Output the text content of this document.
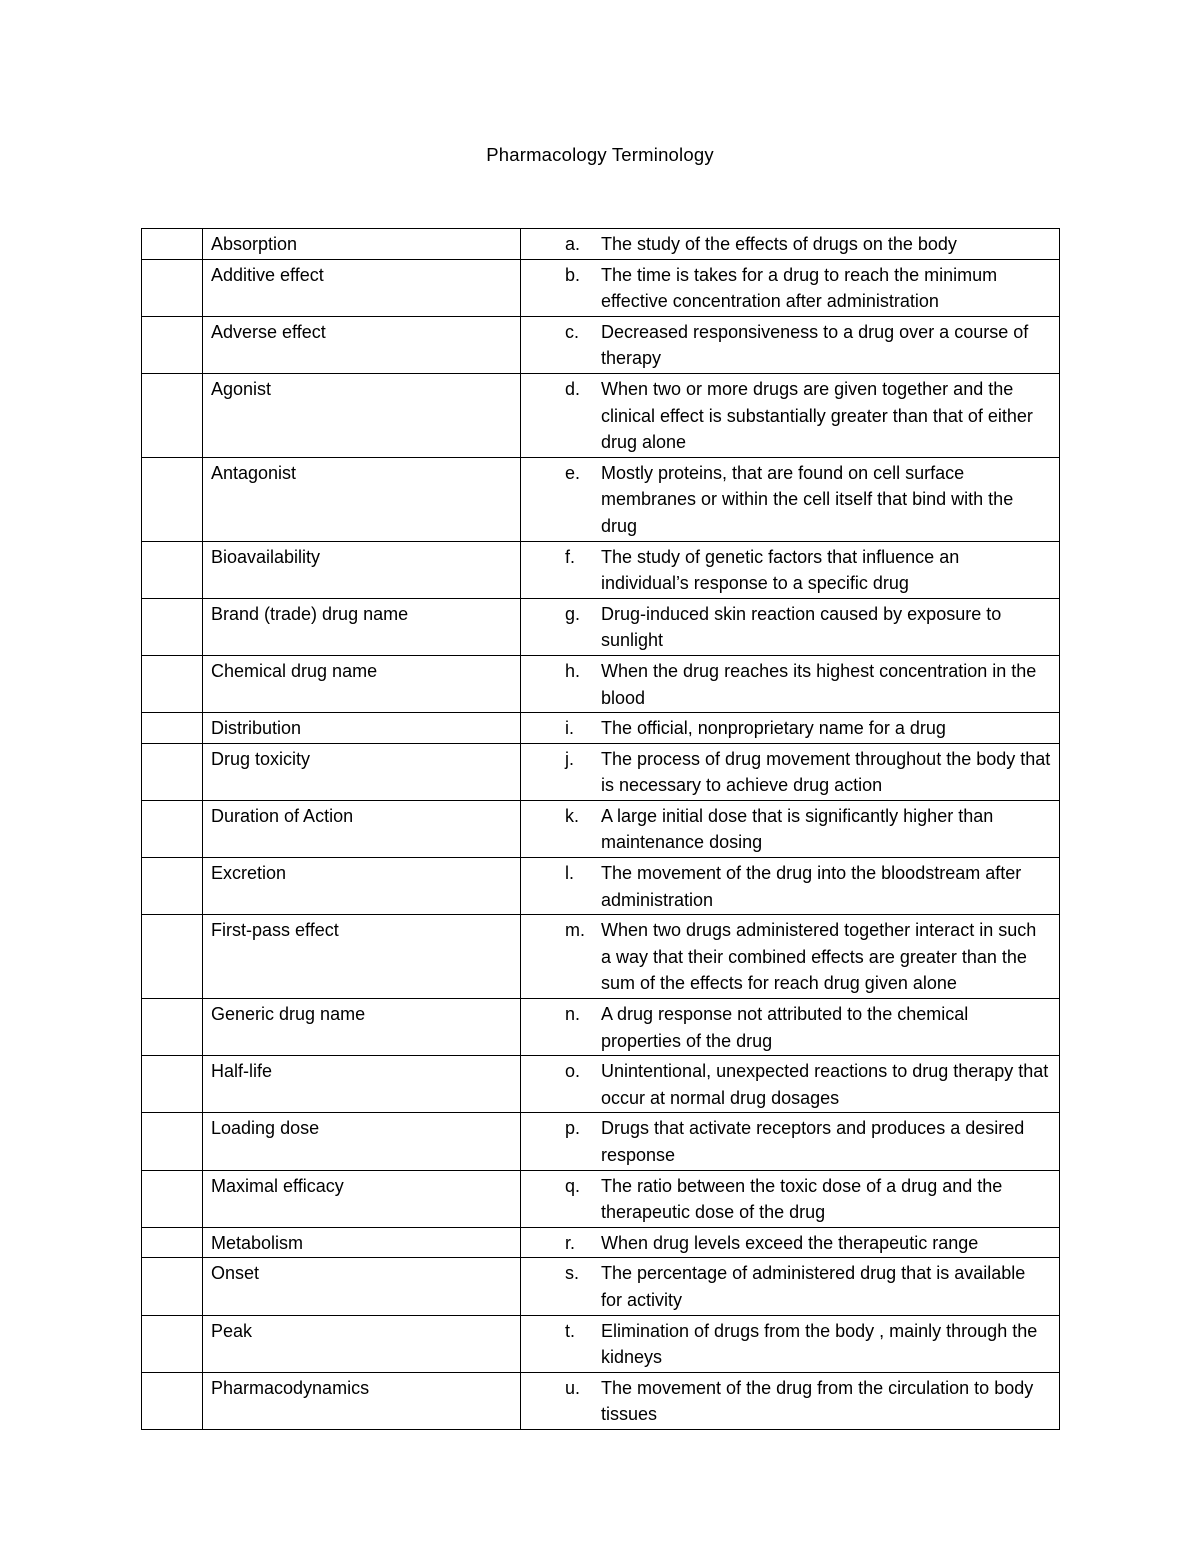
Pharmacology Terminology
	Absorption	a. The study of the effects of drugs on the body
	Additive effect	b. The time is takes for a drug to reach the minimum effective concentration after administration
	Adverse effect	c. Decreased responsiveness to a drug over a course of therapy
	Agonist	d. When two or more drugs are given together and the clinical effect is substantially greater than that of either drug alone
	Antagonist	e. Mostly proteins, that are found on cell surface membranes or within the cell itself that bind with the drug
	Bioavailability	f. The study of genetic factors that influence an individual’s response to a specific drug
	Brand (trade) drug name	g. Drug-induced skin reaction caused by exposure to sunlight
	Chemical drug name	h. When the drug reaches its highest concentration in the blood
	Distribution	i. The official, nonproprietary name for a drug
	Drug toxicity	j. The process of drug movement throughout the body that is necessary to achieve drug action
	Duration of Action	k. A large initial dose that is significantly higher than maintenance dosing
	Excretion	l. The movement of the drug into the bloodstream after administration
	First-pass effect	m. When two drugs administered together interact in such a way that their combined effects are greater than the sum of the effects for reach drug given alone
	Generic drug name	n. A drug response not attributed to the chemical properties of the drug
	Half-life	o. Unintentional, unexpected reactions to drug therapy that occur at normal drug dosages
	Loading dose	p. Drugs that activate receptors and produces a desired response
	Maximal efficacy	q. The ratio between the toxic dose of a drug and the therapeutic dose of the drug
	Metabolism	r. When drug levels exceed the therapeutic range
	Onset	s. The percentage of administered drug that is available for activity
	Peak	t. Elimination of drugs from the body , mainly through the kidneys
	Pharmacodynamics	u. The movement of the drug from the circulation to body tissues
